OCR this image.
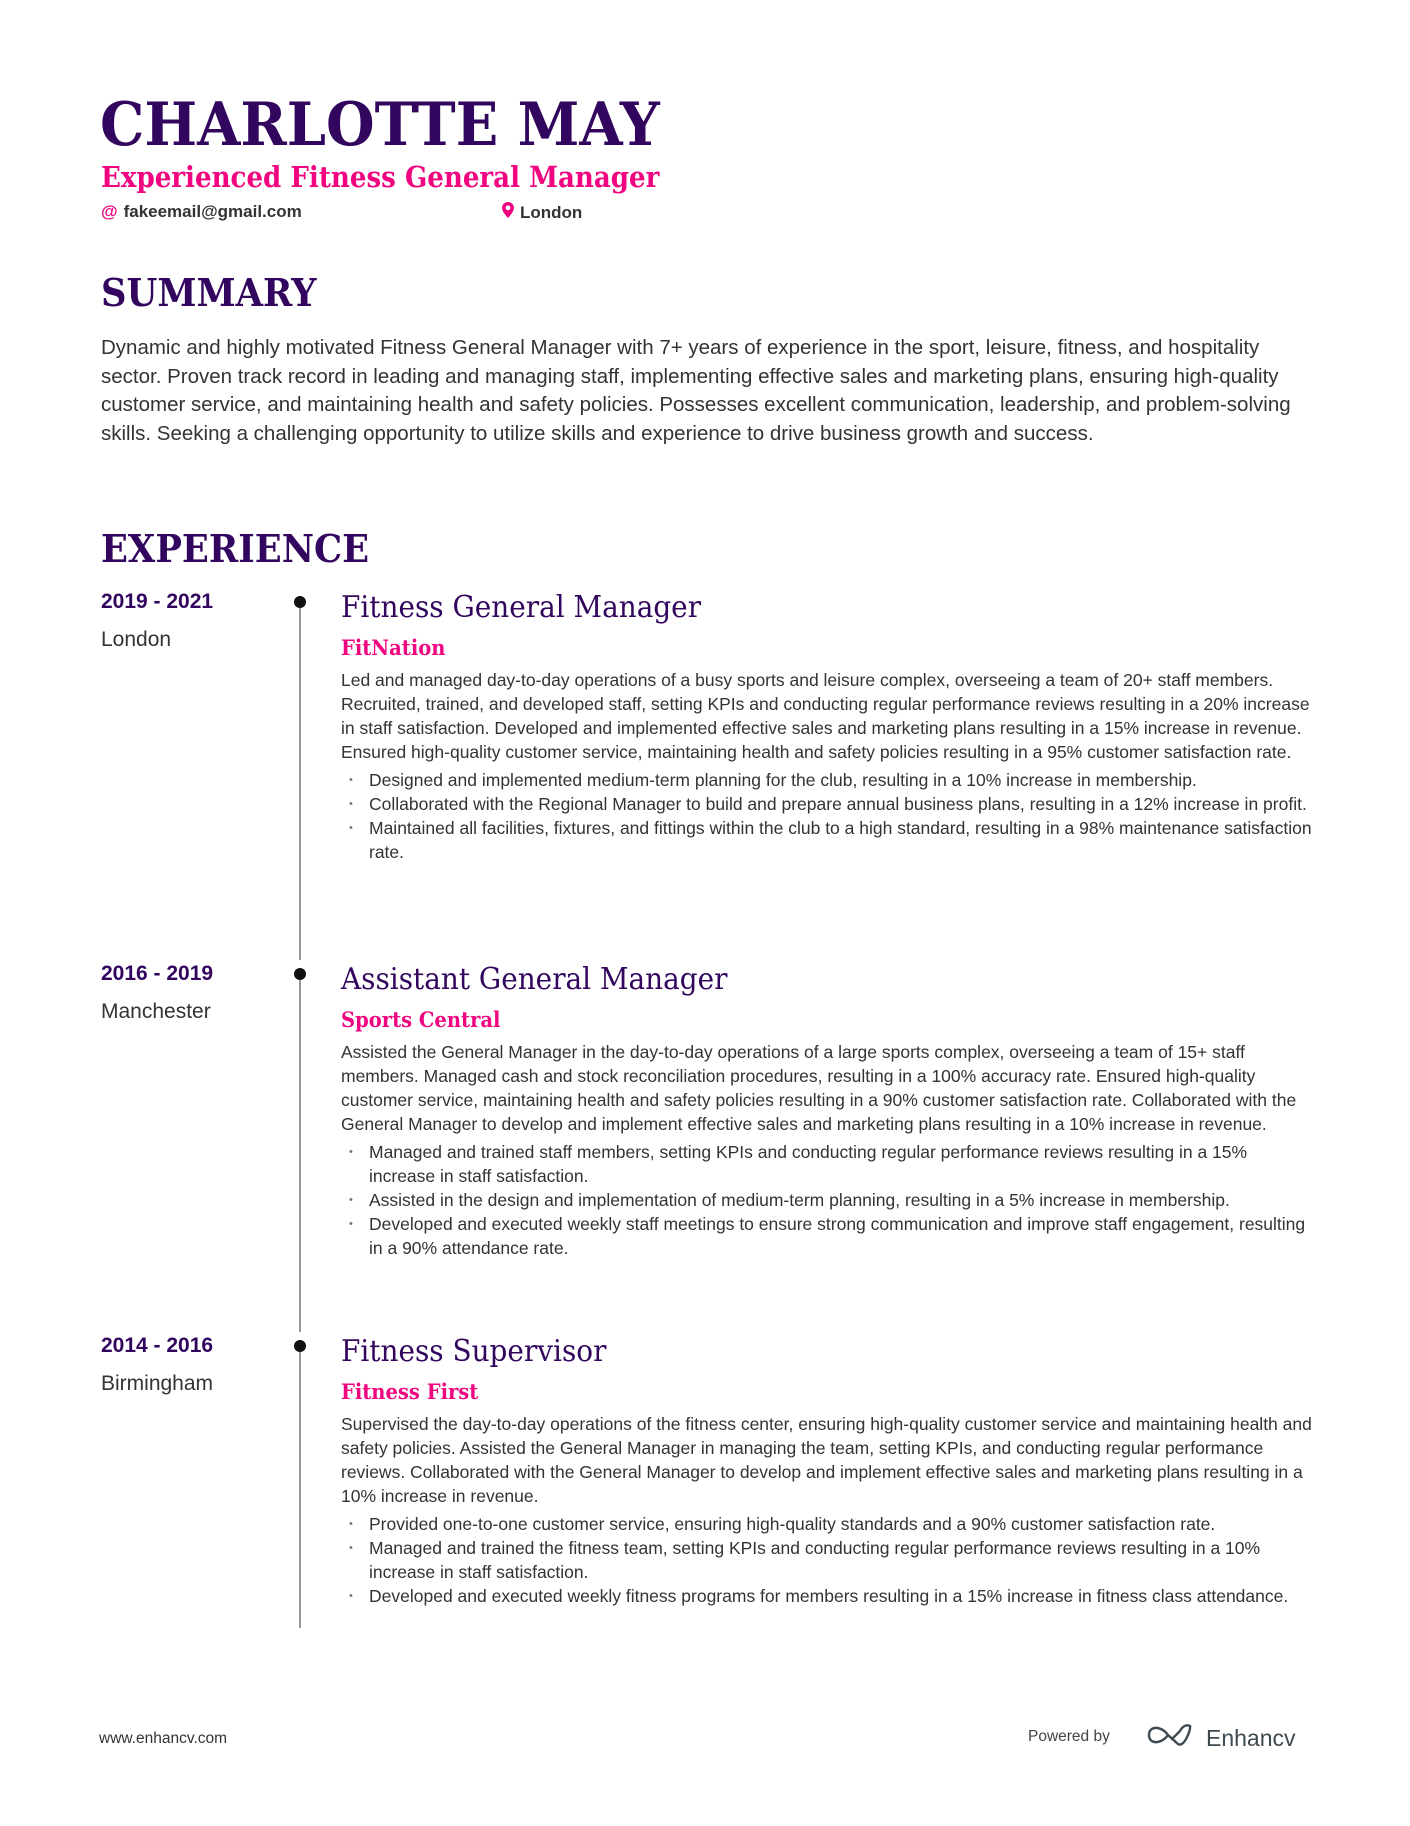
CHARLOTTE MAY
Experienced Fitness General Manager
@ fakeemail@gmail.com	London
SUMMARY
Dynamic and highly motivated Fitness General Manager with 7+ years of experience in the sport, leisure, fitness, and hospitality sector. Proven track record in leading and managing staff, implementing effective sales and marketing plans, ensuring high-quality customer service, and maintaining health and safety policies. Possesses excellent communication, leadership, and problem-solving skills. Seeking a challenging opportunity to utilize skills and experience to drive business growth and success.
EXPERIENCE
2019 - 2021
London
Fitness General Manager
FitNation
Led and managed day-to-day operations of a busy sports and leisure complex, overseeing a team of 20+ staff members. Recruited, trained, and developed staff, setting KPIs and conducting regular performance reviews resulting in a 20% increase in staff satisfaction. Developed and implemented effective sales and marketing plans resulting in a 15% increase in revenue. Ensured high-quality customer service, maintaining health and safety policies resulting in a 95% customer satisfaction rate.
• Designed and implemented medium-term planning for the club, resulting in a 10% increase in membership.
• Collaborated with the Regional Manager to build and prepare annual business plans, resulting in a 12% increase in profit.
• Maintained all facilities, fixtures, and fittings within the club to a high standard, resulting in a 98% maintenance satisfaction rate.
2016 - 2019
Manchester
Assistant General Manager
Sports Central
Assisted the General Manager in the day-to-day operations of a large sports complex, overseeing a team of 15+ staff members. Managed cash and stock reconciliation procedures, resulting in a 100% accuracy rate. Ensured high-quality customer service, maintaining health and safety policies resulting in a 90% customer satisfaction rate. Collaborated with the General Manager to develop and implement effective sales and marketing plans resulting in a 10% increase in revenue.
• Managed and trained staff members, setting KPIs and conducting regular performance reviews resulting in a 15% increase in staff satisfaction.
• Assisted in the design and implementation of medium-term planning, resulting in a 5% increase in membership.
• Developed and executed weekly staff meetings to ensure strong communication and improve staff engagement, resulting in a 90% attendance rate.
2014 - 2016
Birmingham
Fitness Supervisor
Fitness First
Supervised the day-to-day operations of the fitness center, ensuring high-quality customer service and maintaining health and safety policies. Assisted the General Manager in managing the team, setting KPIs, and conducting regular performance reviews. Collaborated with the General Manager to develop and implement effective sales and marketing plans resulting in a 10% increase in revenue.
• Provided one-to-one customer service, ensuring high-quality standards and a 90% customer satisfaction rate.
• Managed and trained the fitness team, setting KPIs and conducting regular performance reviews resulting in a 10% increase in staff satisfaction.
• Developed and executed weekly fitness programs for members resulting in a 15% increase in fitness class attendance.
www.enhancv.com	Powered by	Enhancv
